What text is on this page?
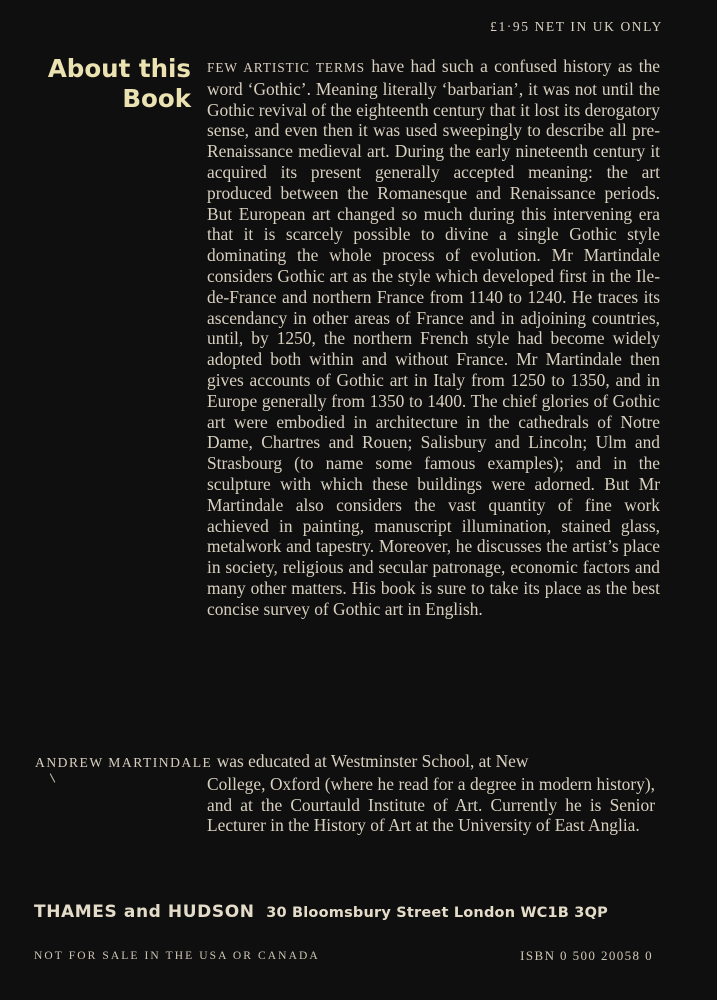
£1·95 NET IN UK ONLY
About this
Book
FEW ARTISTIC TERMS have had such a confused history as the word ‘Gothic’. Meaning literally ‘barbarian’, it was not until the Gothic revival of the eighteenth century that it lost its derogatory sense, and even then it was used sweepingly to describe all pre-Renaissance medieval art. During the early nineteenth century it acquired its present generally accepted meaning: the art produced between the Romanesque and Renaissance periods. But European art changed so much during this intervening era that it is scarcely possible to divine a single Gothic style dominating the whole process of evolution. Mr Martindale considers Gothic art as the style which developed first in the Ile-de-France and northern France from 1140 to 1240. He traces its ascendancy in other areas of France and in adjoining countries, until, by 1250, the northern French style had become widely adopted both within and without France. Mr Martindale then gives accounts of Gothic art in Italy from 1250 to 1350, and in Europe generally from 1350 to 1400. The chief glories of Gothic art were embodied in architecture in the cathedrals of Notre Dame, Chartres and Rouen; Salisbury and Lincoln; Ulm and Strasbourg (to name some famous examples); and in the sculpture with which these buildings were adorned. But Mr Martindale also considers the vast quantity of fine work achieved in painting, manuscript illumination, stained glass, metalwork and tapestry. Moreover, he discusses the artist’s place in society, religious and secular patronage, economic factors and many other matters. His book is sure to take its place as the best concise survey of Gothic art in English.
ANDREW MARTINDALE was educated at Westminster School, at New
College, Oxford (where he read for a degree in modern history), and at the Courtauld Institute of Art. Currently he is Senior Lecturer in the History of Art at the University of East Anglia.
THAMES and HUDSON 30 Bloomsbury Street London WC1B 3QP
NOT FOR SALE IN THE USA OR CANADA	ISBN 0 500 20058 0
